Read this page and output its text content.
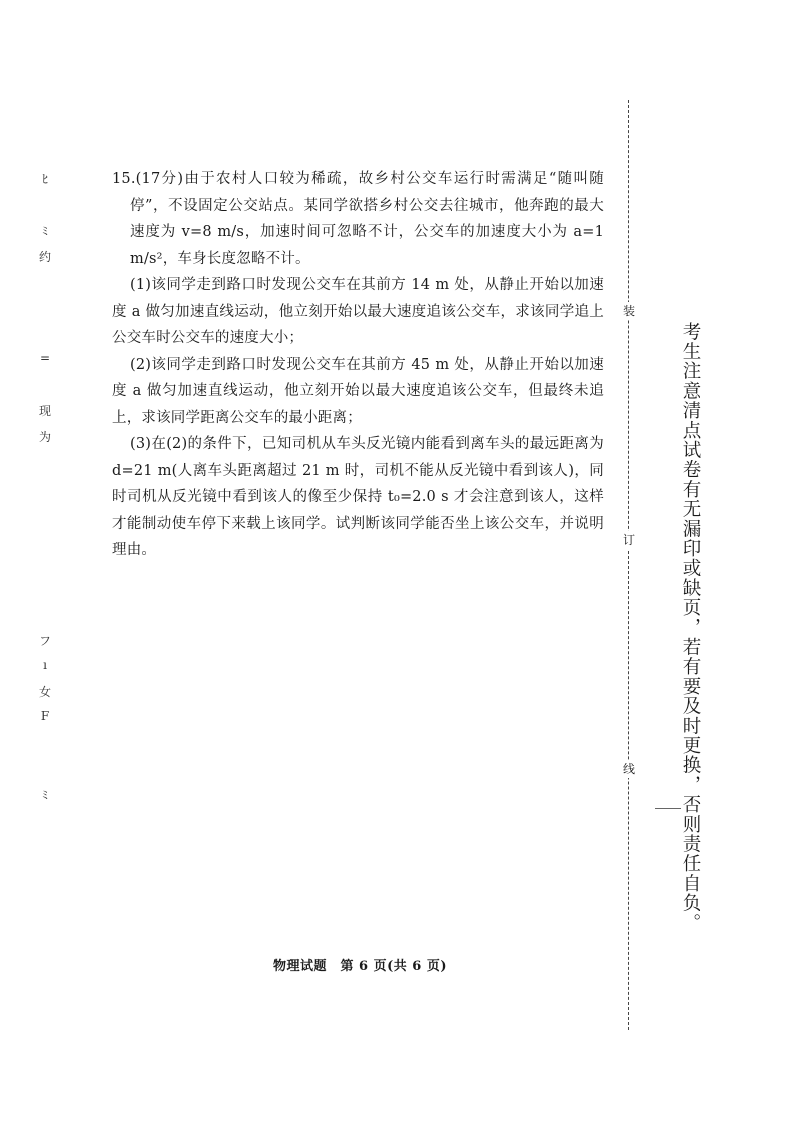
15.(17分)由于农村人口较为稀疏，故乡村公交车运行时需满足“随叫随停”，不设固定公交站点。某同学欲搭乡村公交去往城市，他奔跑的最大速度为 v=8 m/s，加速时间可忽略不计，公交车的加速度大小为 a=1 m/s²，车身长度忽略不计。

(1)该同学走到路口时发现公交车在其前方 14 m 处，从静止开始以加速度 a 做匀加速直线运动，他立刻开始以最大速度追该公交车，求该同学追上公交车时公交车的速度大小；

(2)该同学走到路口时发现公交车在其前方 45 m 处，从静止开始以加速度 a 做匀加速直线运动，他立刻开始以最大速度追该公交车，但最终未追上，求该同学距离公交车的最小距离；

(3)在(2)的条件下，已知司机从车头反光镜内能看到离车头的最远距离为 d=21 m(人离车头距离超过 21 m 时，司机不能从反光镜中看到该人)，同时司机从反光镜中看到该人的像至少保持 t₀=2.0 s 才会注意到该人，这样才能制动使车停下来载上该同学。试判断该同学能否坐上该公交车，并说明理由。

物理试题　第 6 页(共 6 页)
装
订
线	考生注意清点试卷有无漏印或缺页，若有要及时更换，否则责任自负。
ﾋ
ﾐ
约
=
现
为
フ
ı
女
F
ﾐ
